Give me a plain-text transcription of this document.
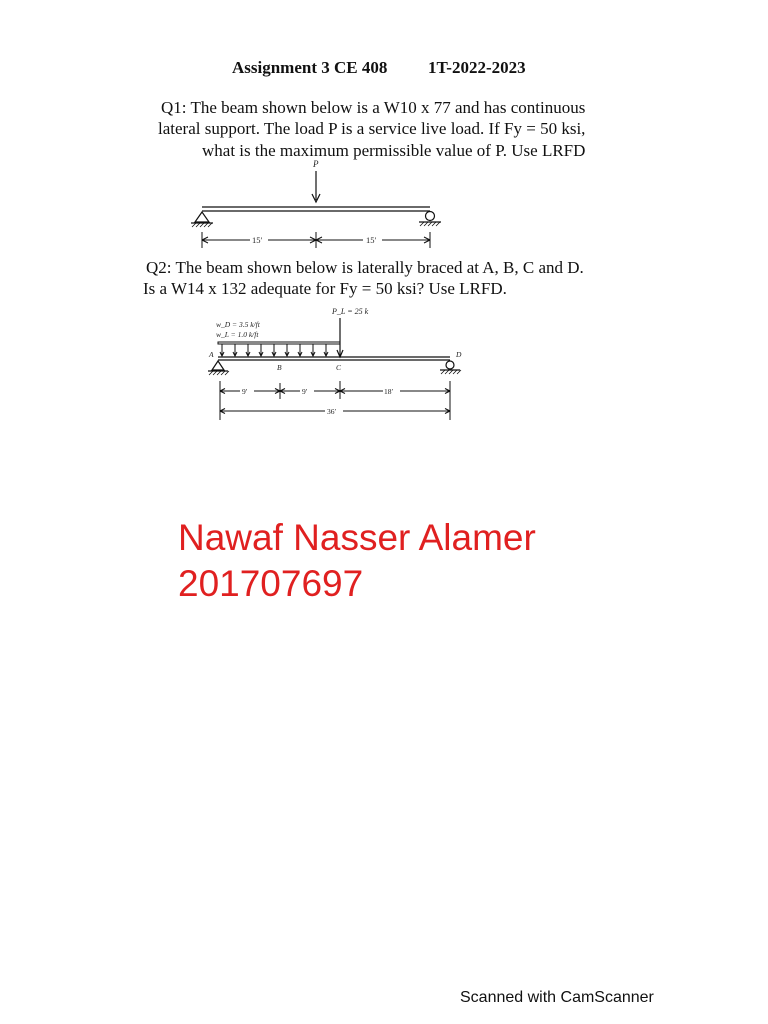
Assignment 3 CE 408 1T-2022-2023
Q1: The beam shown below is a W10 x 77 and has continuous
lateral support. The load P is a service live load. If Fy = 50 ksi,
what is the maximum permissible value of P. Use LRFD
P
15′	15′
Q2: The beam shown below is laterally braced at A, B, C and D.
Is a W14 x 132 adequate for Fy = 50 ksi? Use LRFD.
P_L = 25 k
w_D = 3.5 k/ft
w_L = 1.0 k/ft
A
B	C
D
9′	9′	18′
36′
Nawaf Nasser Alamer
201707697
Scanned with CamScanner
